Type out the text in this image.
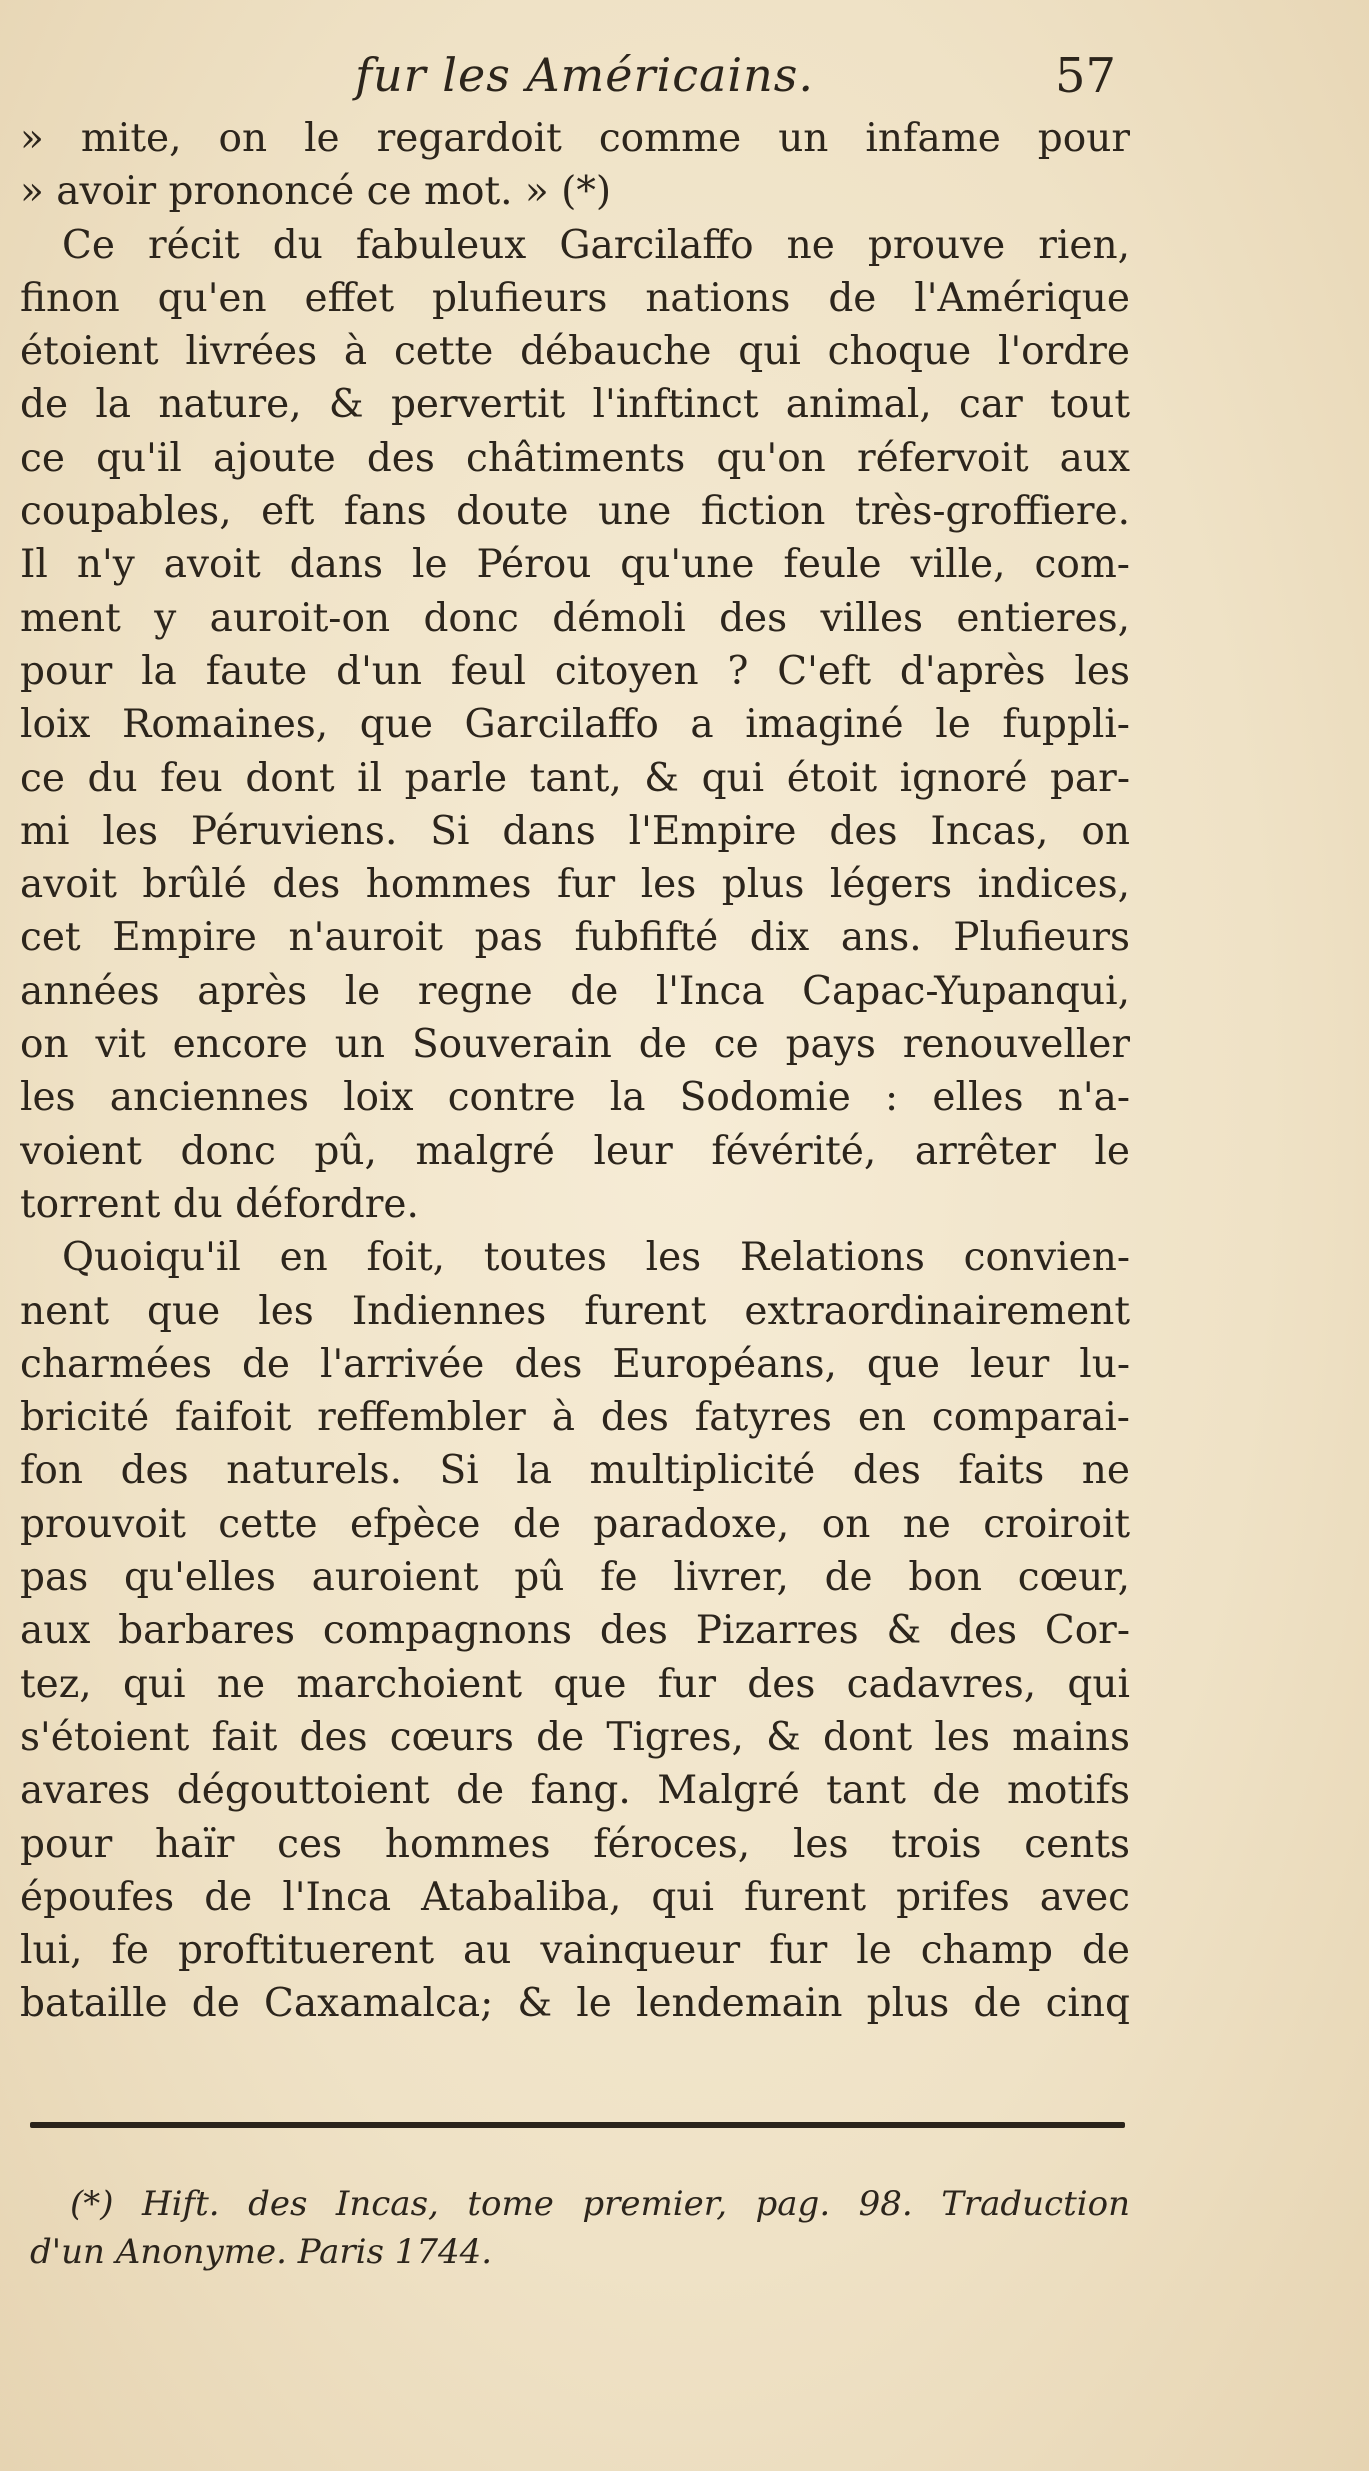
fur les Américains.	57
» mite, on le regardoit comme un infame pour
» avoir prononcé ce mot. » (*)
Ce récit du fabuleux Garcilaffo ne prouve rien,
finon qu'en effet plufieurs nations de l'Amérique
étoient livrées à cette débauche qui choque l'ordre
de la nature, & pervertit l'inftinct animal, car tout
ce qu'il ajoute des châtiments qu'on réfervoit aux
coupables, eft fans doute une fiction très-groffiere.
Il n'y avoit dans le Pérou qu'une feule ville, com-
ment y auroit-on donc démoli des villes entieres,
pour la faute d'un feul citoyen ? C'eft d'après les
loix Romaines, que Garcilaffo a imaginé le fuppli-
ce du feu dont il parle tant, & qui étoit ignoré par-
mi les Péruviens. Si dans l'Empire des Incas, on
avoit brûlé des hommes fur les plus légers indices,
cet Empire n'auroit pas fubfifté dix ans. Plufieurs
années après le regne de l'Inca Capac-Yupanqui,
on vit encore un Souverain de ce pays renouveller
les anciennes loix contre la Sodomie : elles n'a-
voient donc pû, malgré leur févérité, arrêter le
torrent du défordre.
Quoiqu'il en foit, toutes les Relations convien-
nent que les Indiennes furent extraordinairement
charmées de l'arrivée des Européans, que leur lu-
bricité faifoit reffembler à des fatyres en comparai-
fon des naturels. Si la multiplicité des faits ne
prouvoit cette efpèce de paradoxe, on ne croiroit
pas qu'elles auroient pû fe livrer, de bon cœur,
aux barbares compagnons des Pizarres & des Cor-
tez, qui ne marchoient que fur des cadavres, qui
s'étoient fait des cœurs de Tigres, & dont les mains
avares dégouttoient de fang. Malgré tant de motifs
pour haïr ces hommes féroces, les trois cents
époufes de l'Inca Atabaliba, qui furent prifes avec
lui, fe proftituerent au vainqueur fur le champ de
bataille de Caxamalca; & le lendemain plus de cinq
(*) Hift. des Incas, tome premier, pag. 98. Traduction
d'un Anonyme. Paris 1744.
